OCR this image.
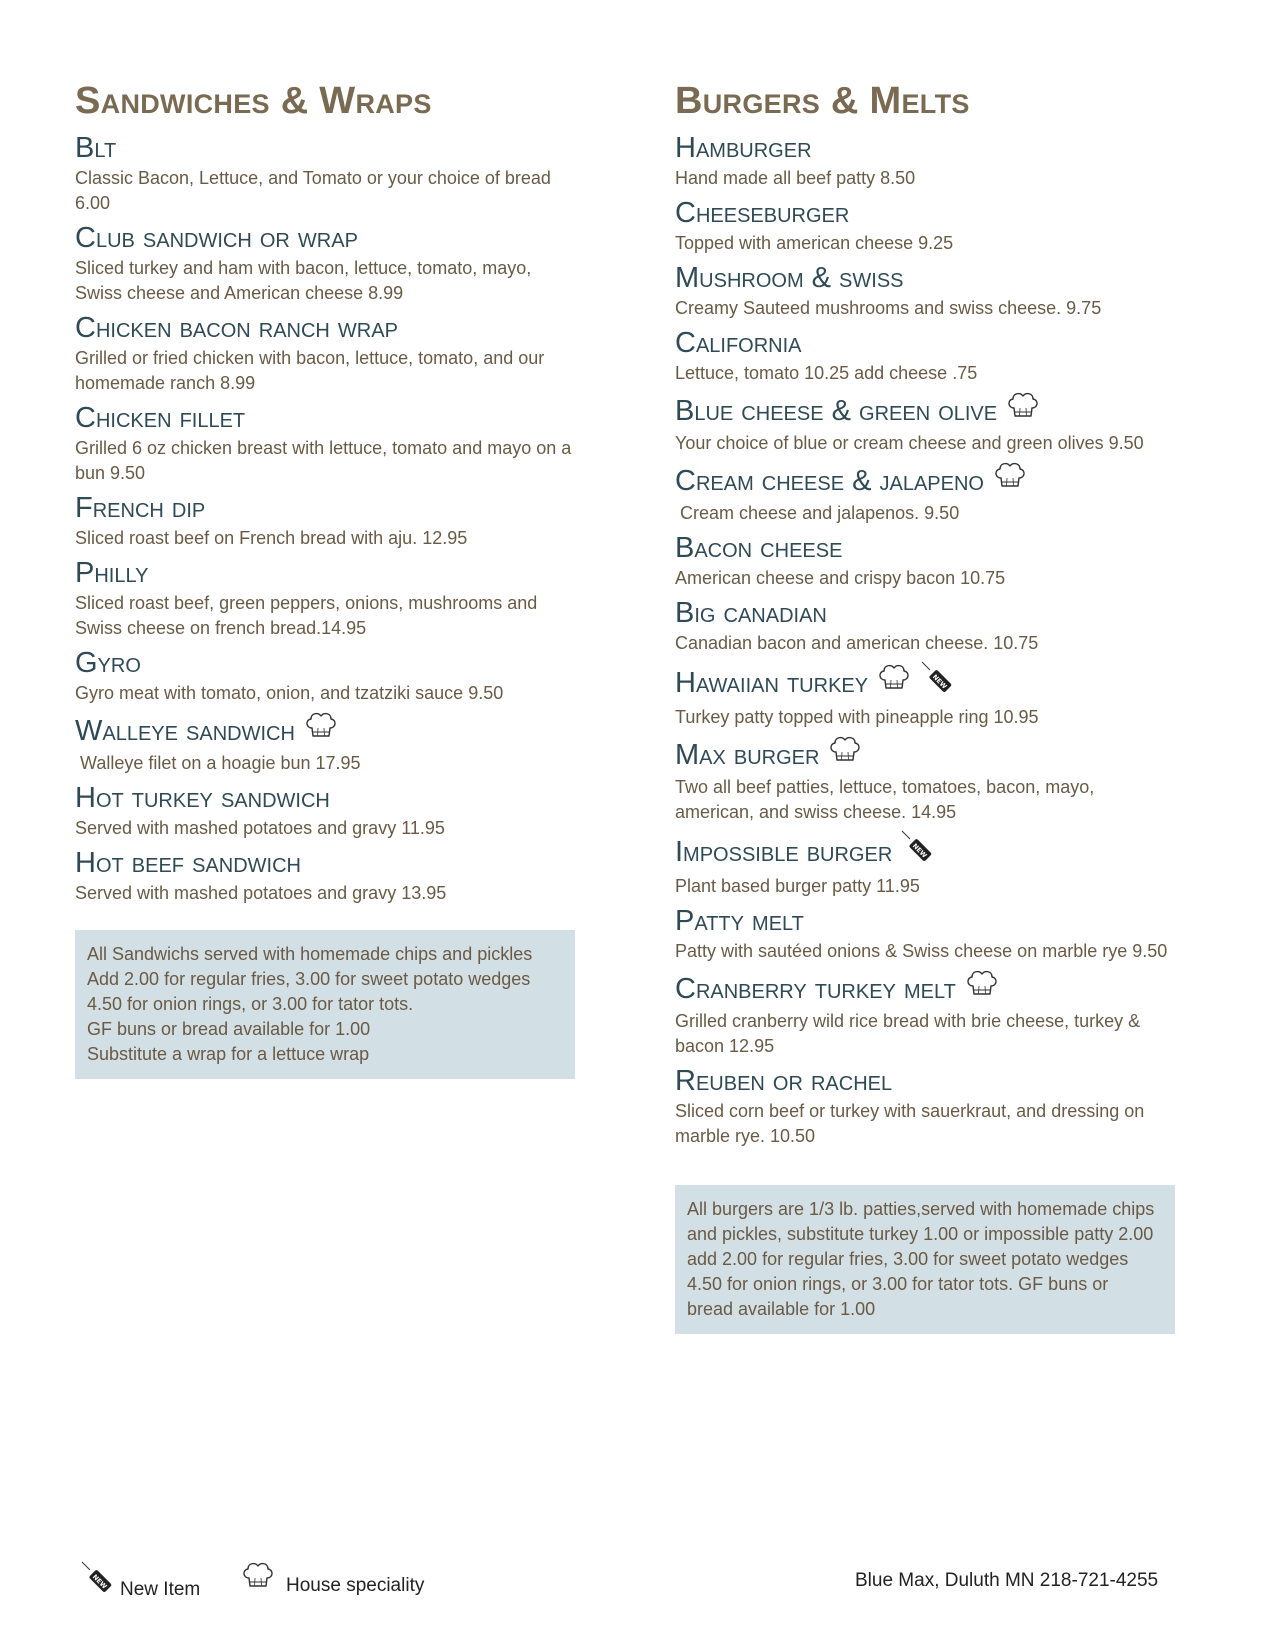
Sandwiches & Wraps
Blt
Classic Bacon, Lettuce, and Tomato or your choice of bread 6.00
Club sandwich or wrap
Sliced turkey and ham with bacon, lettuce, tomato, mayo, Swiss cheese and American cheese 8.99
Chicken bacon ranch wrap
Grilled or fried chicken with bacon, lettuce, tomato, and our homemade ranch 8.99
Chicken fillet
Grilled 6 oz chicken breast with lettuce, tomato and mayo on a bun 9.50
French dip
Sliced roast beef on French bread with aju. 12.95
Philly
Sliced roast beef, green peppers, onions, mushrooms and Swiss cheese on french bread.14.95
Gyro
Gyro meat with tomato, onion, and tzatziki sauce 9.50
Walleye sandwich
Walleye filet on a hoagie bun 17.95
Hot turkey sandwich
Served with mashed potatoes and gravy 11.95
Hot beef sandwich
Served with mashed potatoes and gravy 13.95
All Sandwichs served with homemade chips and pickles
Add 2.00 for regular fries, 3.00 for sweet potato wedges
4.50 for onion rings, or 3.00 for tator tots.
GF buns or bread available for 1.00
Substitute a wrap for a lettuce wrap
Burgers & Melts
Hamburger
Hand made all beef patty 8.50
Cheeseburger
Topped with american cheese 9.25
Mushroom & swiss
Creamy Sauteed mushrooms and swiss cheese. 9.75
California
Lettuce, tomato 10.25 add cheese .75
Blue cheese & green olive
Your choice of blue or cream cheese and green olives 9.50
Cream cheese & jalapeno
Cream cheese and jalapenos. 9.50
Bacon cheese
American cheese and crispy bacon 10.75
Big canadian
Canadian bacon and american cheese. 10.75
Hawaiian turkey	NEW
Turkey patty topped with pineapple ring 10.95
Max burger
Two all beef patties, lettuce, tomatoes, bacon, mayo, american, and swiss cheese. 14.95
Impossible burger	NEW
Plant based burger patty 11.95
Patty melt
Patty with sautéed onions & Swiss cheese on marble rye 9.50
Cranberry turkey melt
Grilled cranberry wild rice bread with brie cheese, turkey & bacon 12.95
Reuben or rachel
Sliced corn beef or turkey with sauerkraut, and dressing on marble rye. 10.50
All burgers are 1/3 lb. patties,served with homemade chips
and pickles, substitute turkey 1.00 or impossible patty 2.00
add 2.00 for regular fries, 3.00 for sweet potato wedges
4.50 for onion rings, or 3.00 for tator tots. GF buns or
bread available for 1.00
NEW New Item	House speciality	Blue Max, Duluth MN 218-721-4255
